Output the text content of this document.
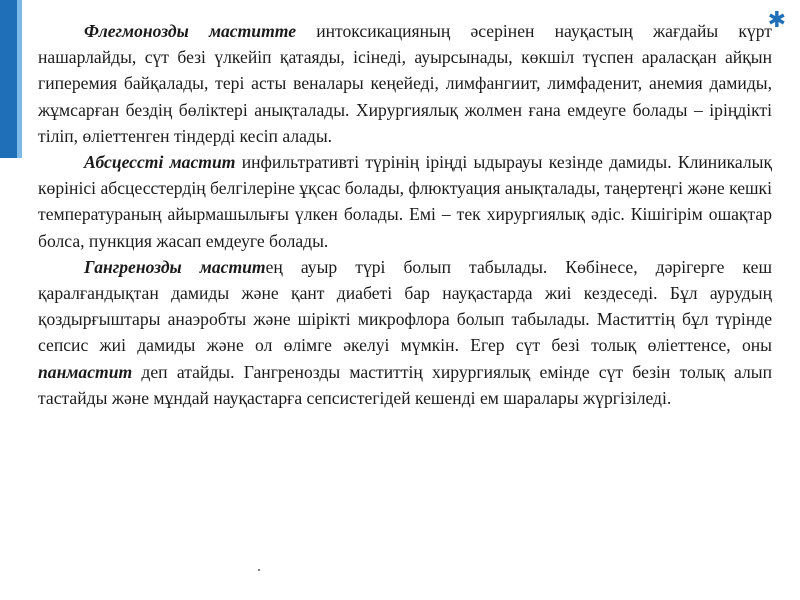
✱

Флегмонозды маститте интоксикацияның әсерінен науқастың жағдайы күрт нашарлайды, сүт безі үлкейіп қатаяды, ісінеді, ауырсынады, көкшіл түспен араласқан айқын гиперемия байқалады, тері асты веналары кеңейеді, лимфангиит, лимфаденит, анемия дамиды, жұмсарған бездің бөліктері анықталады. Хирургиялық жолмен ғана емдеуге болады – іріңдікті тіліп, өліеттенген тіндерді кесіп алады.

Абсцессті мастит инфильтративті түрінің іріңді ыдырауы кезінде дамиды. Клиникалық көрінісі абсцесстердің белгілеріне ұқсас болады, флюктуация анықталады, таңертеңгі және кешкі температураның айырмашылығы үлкен болады. Емі – тек хирургиялық әдіс. Кішігірім ошақтар болса, пункция жасап емдеуге болады.

Гангренозды маститең ауыр түрі болып табылады. Көбінесе, дәрігерге кеш қаралғандықтан дамиды және қант диабеті бар науқастарда жиі кездеседі. Бұл аурудың қоздырғыштары анаэробты және шірікті микрофлора болып табылады. Маститтің бұл түрінде сепсис жиі дамиды және ол өлімге әкелуі мүмкін. Егер сүт безі толық өліеттенсе, оны панмастит деп атайды. Гангренозды маститтің хирургиялық емінде сүт безін толық алып тастайды және мұндай науқастарға сепсистегідей кешенді ем шаралары жүргізіледі.
